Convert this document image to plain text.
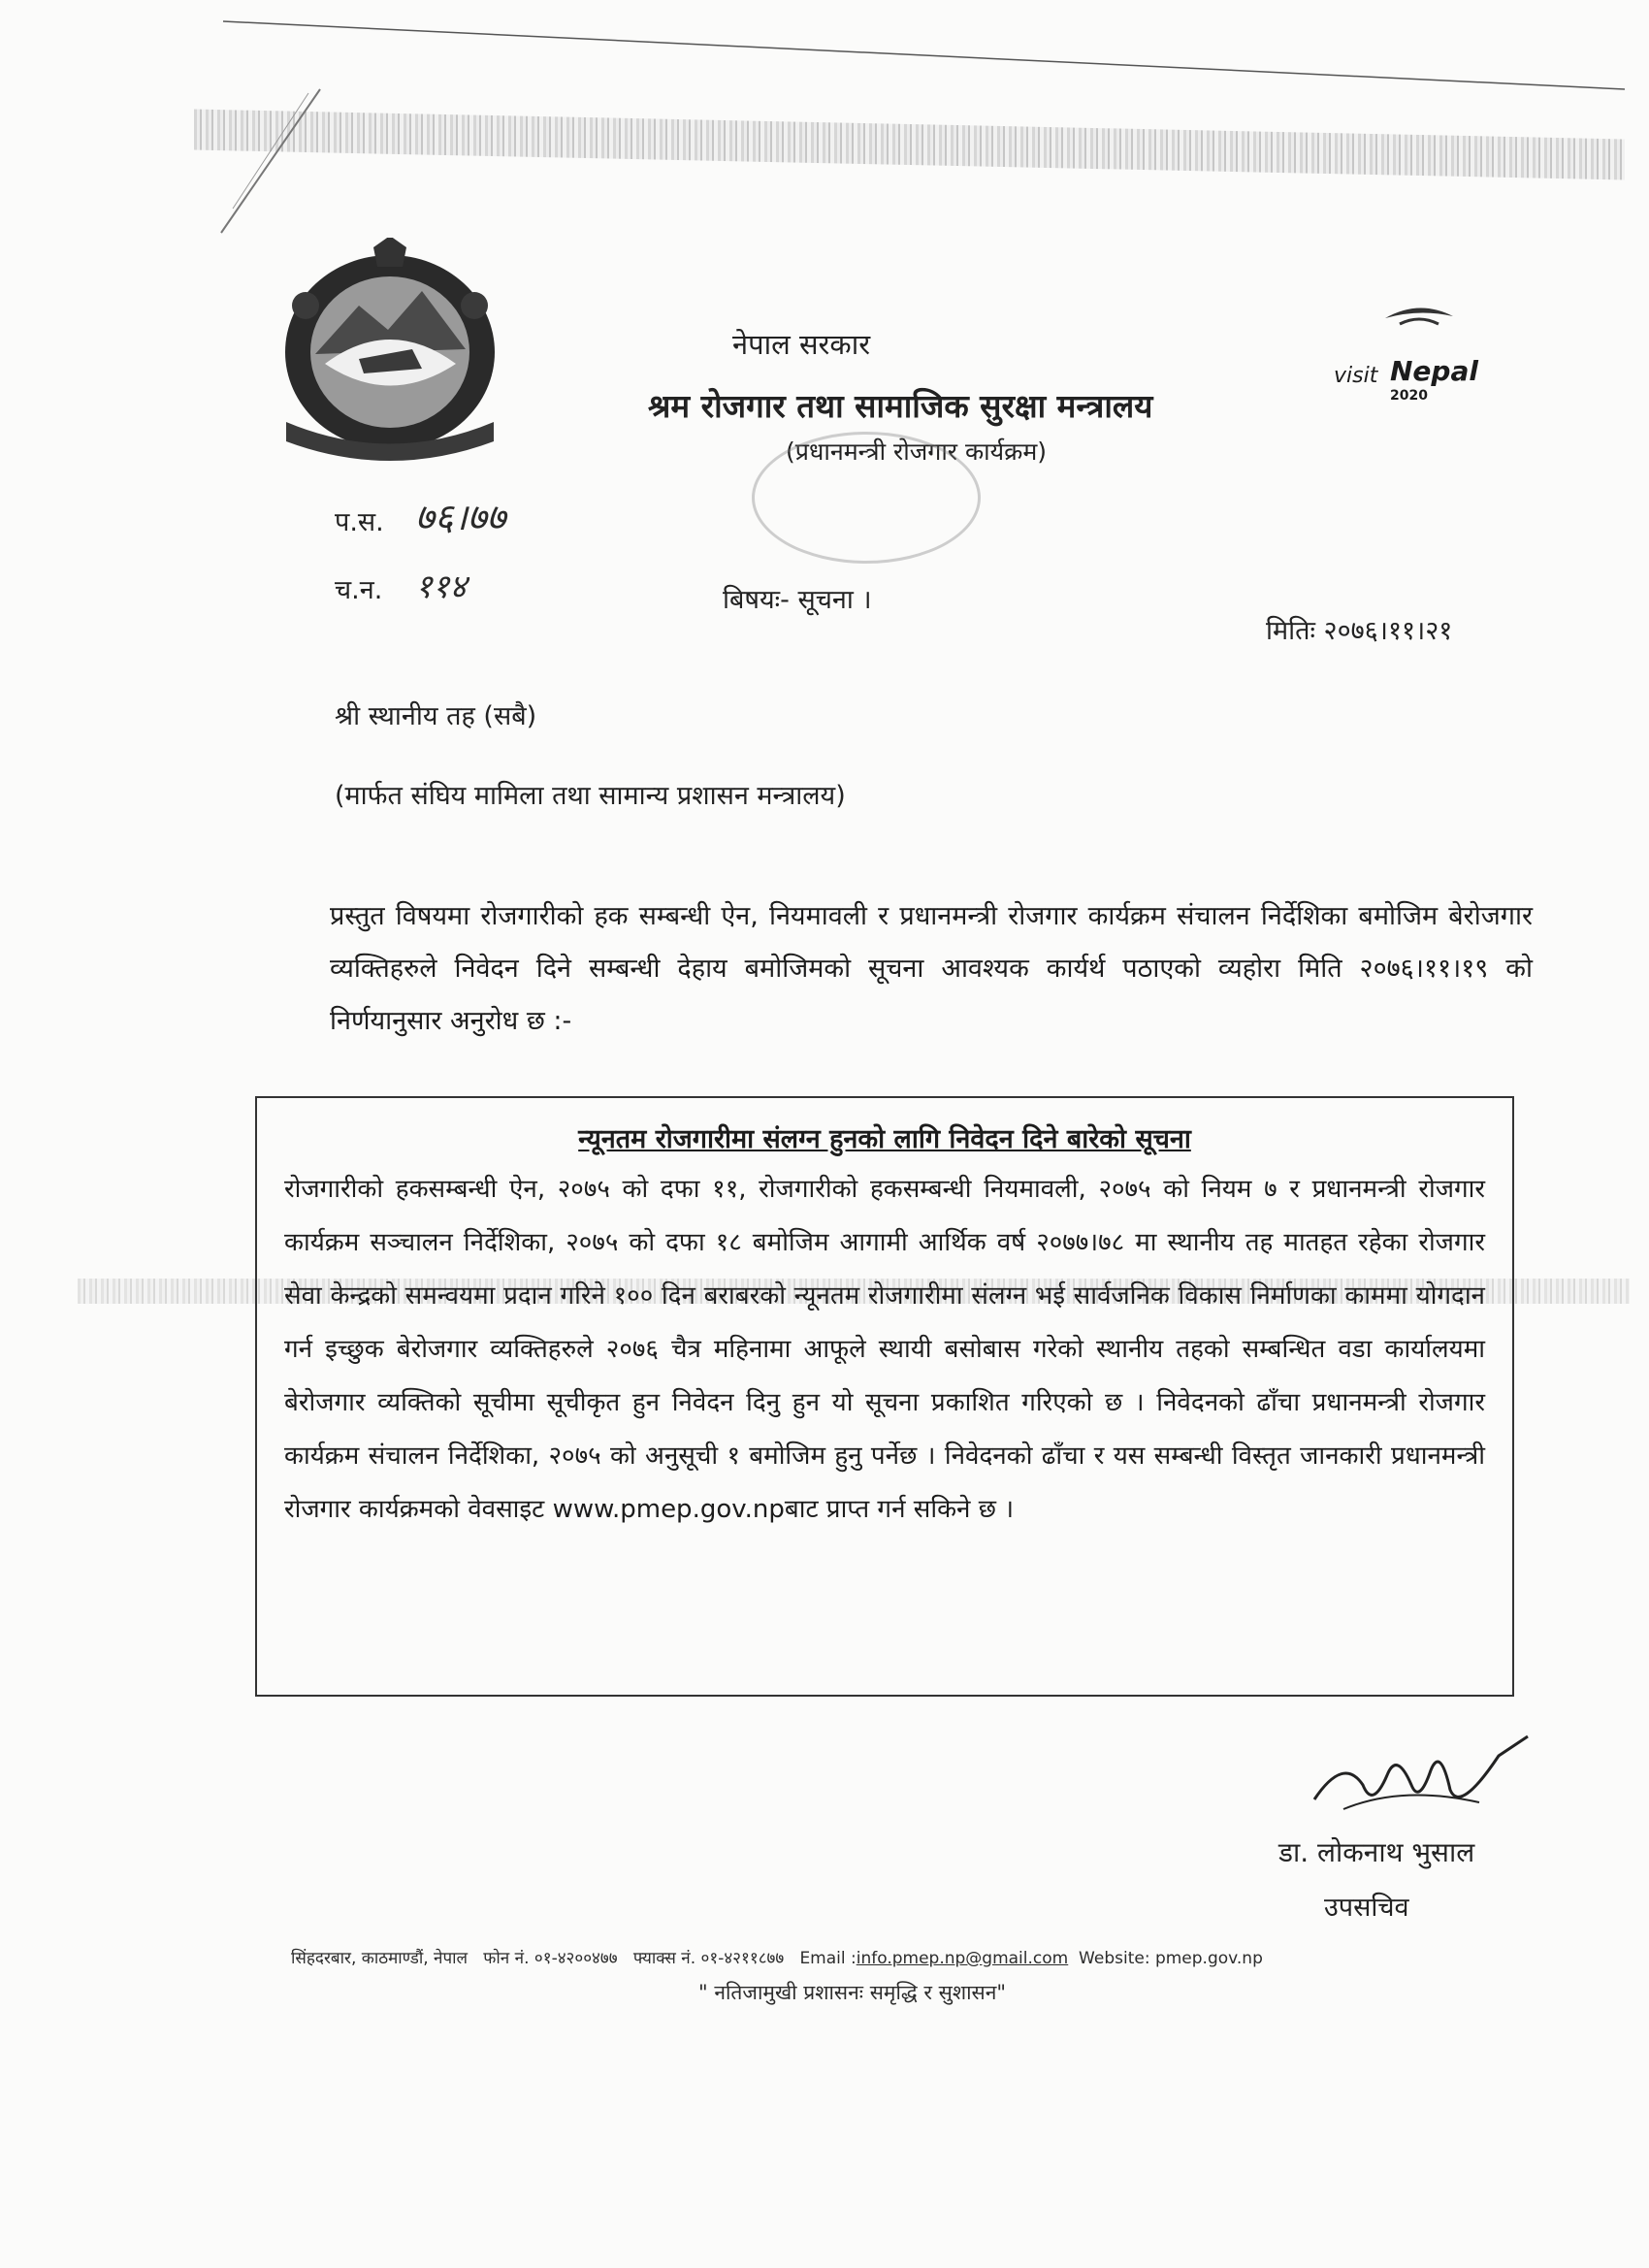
नेपाल सरकार
श्रम रोजगार तथा सामाजिक सुरक्षा मन्त्रालय
(प्रधानमन्त्री रोजगार कार्यक्रम)
visit Nepal
2020
प.स. ७६।७७
च.न. ११४	बिषयः- सूचना ।
मितिः २०७६।११।२१
श्री स्थानीय तह (सबै)
(मार्फत संघिय मामिला तथा सामान्य प्रशासन मन्त्रालय)

प्रस्तुत विषयमा रोजगारीको हक सम्बन्धी ऐन, नियमावली र प्रधानमन्त्री रोजगार कार्यक्रम संचालन निर्देशिका बमोजिम बेरोजगार व्यक्तिहरुले निवेदन दिने सम्बन्धी देहाय बमोजिमको सूचना आवश्यक कार्यर्थ पठाएको व्यहोरा मिति २०७६।११।१९ को निर्णयानुसार अनुरोध छ :-

न्यूनतम रोजगारीमा संलग्न हुनको लागि निवेदन दिने बारेको सूचना

रोजगारीको हकसम्बन्धी ऐन, २०७५ को दफा ११, रोजगारीको हकसम्बन्धी नियमावली, २०७५ को नियम ७ र प्रधानमन्त्री रोजगार कार्यक्रम सञ्चालन निर्देशिका, २०७५ को दफा १८ बमोजिम आगामी आर्थिक वर्ष २०७७।७८ मा स्थानीय तह मातहत रहेका रोजगार सेवा केन्द्रको समन्वयमा प्रदान गरिने १०० दिन बराबरको न्यूनतम रोजगारीमा संलग्न भई सार्वजनिक विकास निर्माणका काममा योगदान गर्न इच्छुक बेरोजगार व्यक्तिहरुले २०७६ चैत्र महिनामा आफूले स्थायी बसोबास गरेको स्थानीय तहको सम्बन्धित वडा कार्यालयमा बेरोजगार व्यक्तिको सूचीमा सूचीकृत हुन निवेदन दिनु हुन यो सूचना प्रकाशित गरिएको छ । निवेदनको ढाँचा प्रधानमन्त्री रोजगार कार्यक्रम संचालन निर्देशिका, २०७५ को अनुसूची १ बमोजिम हुनु पर्नेछ । निवेदनको ढाँचा र यस सम्बन्धी विस्तृत जानकारी प्रधानमन्त्री रोजगार कार्यक्रमको वेवसाइट www.pmep.gov.npबाट प्राप्त गर्न सकिने छ ।

डा. लोकनाथ भुसाल
उपसचिव
सिंहदरबार, काठमाण्डौं, नेपाल फोन नं. ०१-४२००४७७ फ्याक्स नं. ०१-४२११८७७ Email :info.pmep.np@gmail.com Website: pmep.gov.np
" नतिजामुखी प्रशासनः समृद्धि र सुशासन"
